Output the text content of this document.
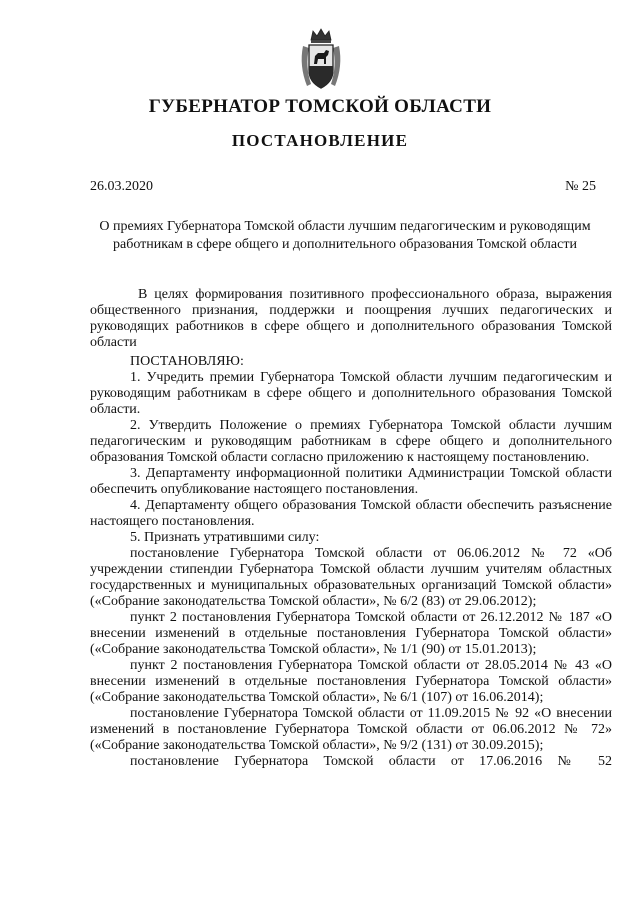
ГУБЕРНАТОР ТОМСКОЙ ОБЛАСТИ
ПОСТАНОВЛЕНИЕ
26.03.2020	№ 25
О премиях Губернатора Томской области лучшим педагогическим и руководящим работникам в сфере общего и дополнительного образования Томской области

В целях формирования позитивного профессионального образа, выражения общественного признания, поддержки и поощрения лучших педагогических и руководящих работников в сфере общего и дополнительного образования Томской области

ПОСТАНОВЛЯЮ:

1. Учредить премии Губернатора Томской области лучшим педагогическим и руководящим работникам в сфере общего и дополнительного образования Томской области.

2. Утвердить Положение о премиях Губернатора Томской области лучшим педагогическим и руководящим работникам в сфере общего и дополнительного образования Томской области согласно приложению к настоящему постановлению.

3. Департаменту информационной политики Администрации Томской области обеспечить опубликование настоящего постановления.

4. Департаменту общего образования Томской области обеспечить разъяснение настоящего постановления.

5. Признать утратившими силу:

постановление Губернатора Томской области от 06.06.2012 № 72 «Об учреждении стипендии Губернатора Томской области лучшим учителям областных государственных и муниципальных образовательных организаций Томской области» («Собрание законодательства Томской области», № 6/2 (83) от 29.06.2012);

пункт 2 постановления Губернатора Томской области от 26.12.2012 № 187 «О внесении изменений в отдельные постановления Губернатора Томской области» («Собрание законодательства Томской области», № 1/1 (90) от 15.01.2013);

пункт 2 постановления Губернатора Томской области от 28.05.2014 № 43 «О внесении изменений в отдельные постановления Губернатора Томской области» («Собрание законодательства Томской области», № 6/1 (107) от 16.06.2014);

постановление Губернатора Томской области от 11.09.2015 № 92 «О внесении изменений в постановление Губернатора Томской области от 06.06.2012 № 72» («Собрание законодательства Томской области», № 9/2 (131) от 30.09.2015);

постановление Губернатора Томской области от 17.06.2016 № 52
